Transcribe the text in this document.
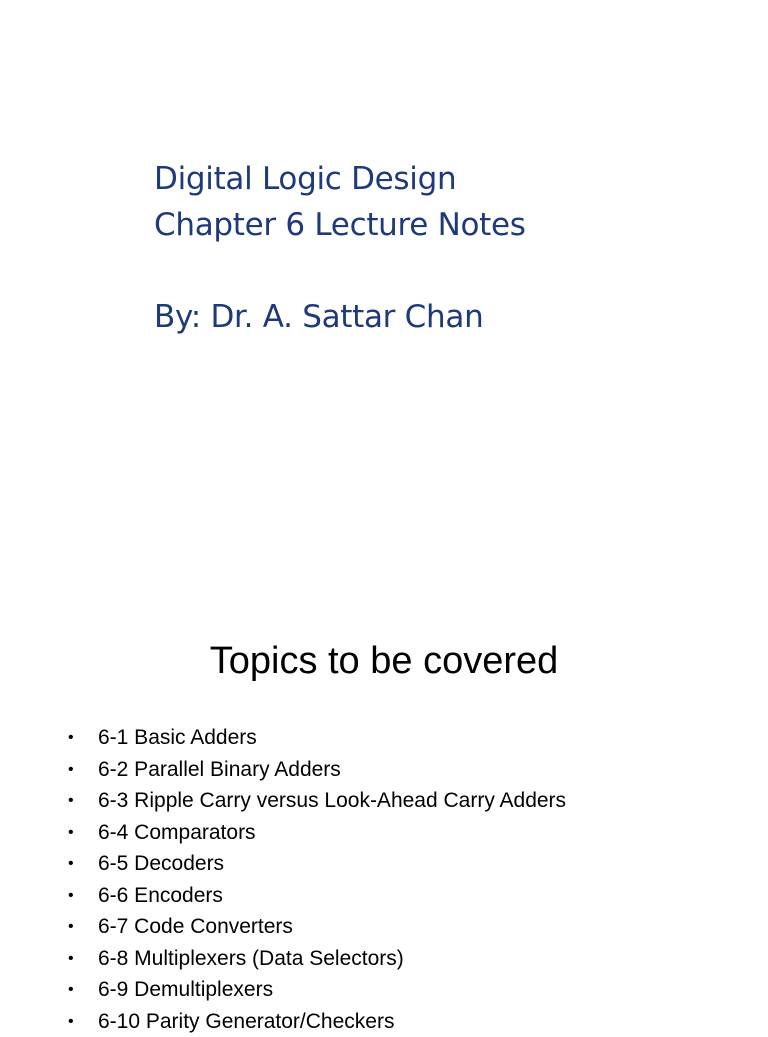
Digital Logic Design
Chapter 6 Lecture Notes
By: Dr. A. Sattar Chan
Topics to be covered
•	6-1 Basic Adders
•	6-2 Parallel Binary Adders
•	6-3 Ripple Carry versus Look-Ahead Carry Adders
•	6-4 Comparators
•	6-5 Decoders
•	6-6 Encoders
•	6-7 Code Converters
•	6-8 Multiplexers (Data Selectors)
•	6-9 Demultiplexers
•	6-10 Parity Generator/Checkers
